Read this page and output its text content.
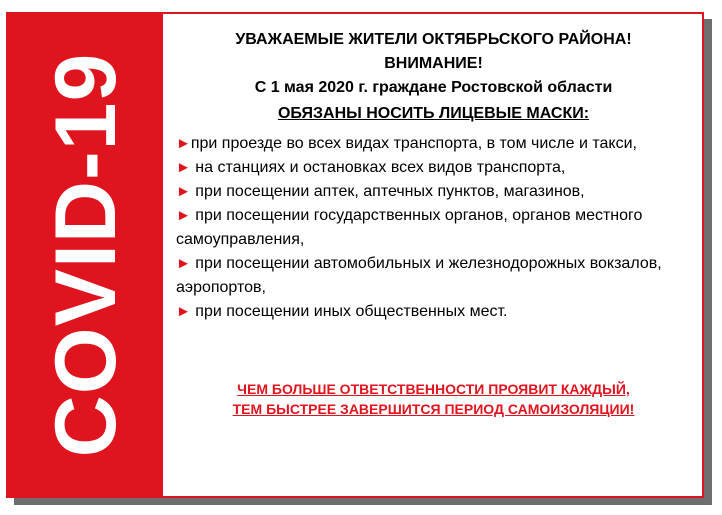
COVID-19
УВАЖАЕМЫЕ ЖИТЕЛИ ОКТЯБРЬСКОГО РАЙОНА!
ВНИМАНИЕ!
С 1 мая 2020 г. граждане Ростовской области
ОБЯЗАНЫ НОСИТЬ ЛИЦЕВЫЕ МАСКИ:

►при проезде во всех видах транспорта, в том числе и такси,

► на станциях и остановках всех видов транспорта,

► при посещении аптек, аптечных пунктов, магазинов,

► при посещении государственных органов, органов местного самоуправления,

► при посещении автомобильных и железнодорожных вокзалов, аэропортов,

► при посещении иных общественных мест.

ЧЕМ БОЛЬШЕ ОТВЕТСТВЕННОСТИ ПРОЯВИТ КАЖДЫЙ,
ТЕМ БЫСТРЕЕ ЗАВЕРШИТСЯ ПЕРИОД САМОИЗОЛЯЦИИ!
